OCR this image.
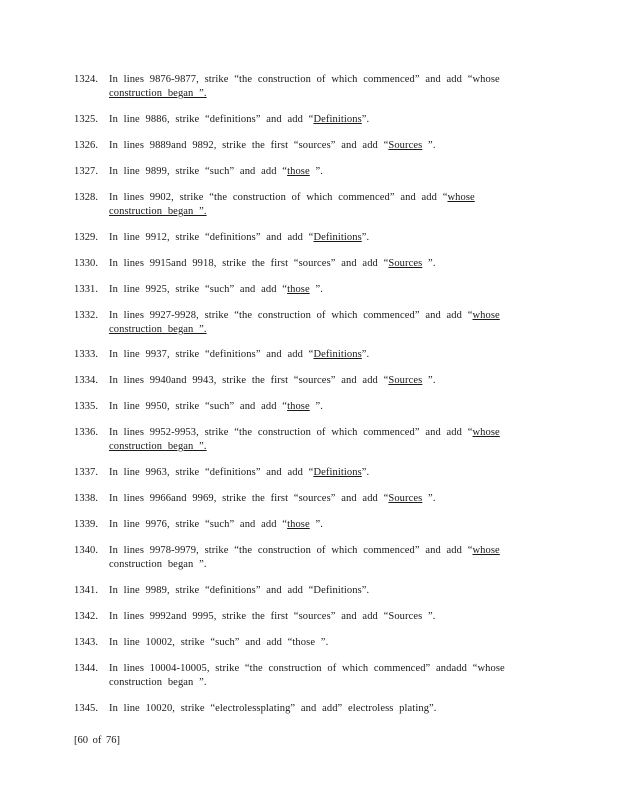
1324.	In lines 9876-9877, strike “the construction of which commenced” and add “whose
construction began ”.
1325.	In line 9886, strike “definitions” and add “Definitions”.
1326.	In lines 9889and 9892, strike the first “sources” and add “Sources ”.
1327.	In line 9899, strike “such” and add “those ”.
1328.	In lines 9902, strike “the construction of which commenced” and add “whose
construction began ”.
1329.	In line 9912, strike “definitions” and add “Definitions”.
1330.	In lines 9915and 9918, strike the first “sources” and add “Sources ”.
1331.	In line 9925, strike “such” and add “those ”.
1332.	In lines 9927-9928, strike “the construction of which commenced” and add “whose
construction began ”.
1333.	In line 9937, strike “definitions” and add “Definitions”.
1334.	In lines 9940and 9943, strike the first “sources” and add “Sources ”.
1335.	In line 9950, strike “such” and add “those ”.
1336.	In lines 9952-9953, strike “the construction of which commenced” and add “whose
construction began ”.
1337.	In line 9963, strike “definitions” and add “Definitions”.
1338.	In lines 9966and 9969, strike the first “sources” and add “Sources ”.
1339.	In line 9976, strike “such” and add “those ”.
1340.	In lines 9978-9979, strike “the construction of which commenced” and add “whose
construction began ”.
1341.	In line 9989, strike “definitions” and add “Definitions”.
1342.	In lines 9992and 9995, strike the first “sources” and add “Sources ”.
1343.	In line 10002, strike “such” and add “those ”.
1344.	In lines 10004-10005, strike “the construction of which commenced” andadd “whose
construction began ”.
1345.	In line 10020, strike “electrolessplating” and add” electroless plating”.
[60 of 76]
